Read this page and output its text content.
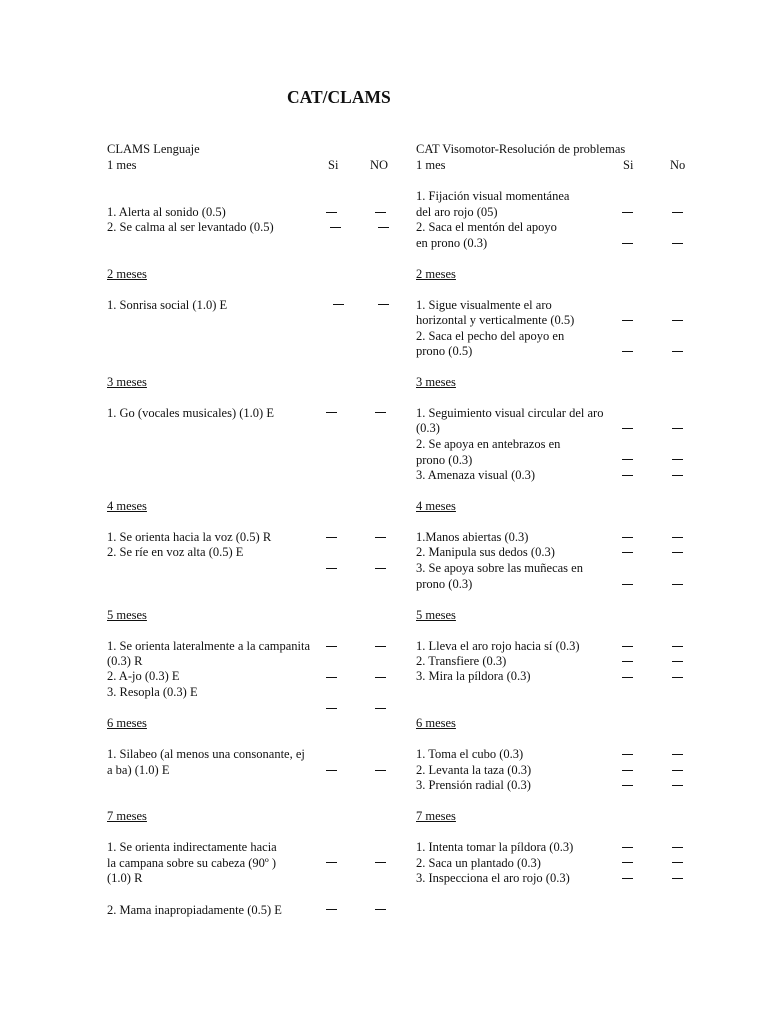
CAT/CLAMS
CLAMS Lenguaje
1 mes	Si	NO
1. Alerta al sonido (0.5)
2. Se calma al ser levantado (0.5)
2 meses
1. Sonrisa social (1.0) E
3 meses
1. Go (vocales musicales) (1.0) E
4 meses
1. Se orienta hacia la voz (0.5) R
2. Se ríe en voz alta (0.5) E
5 meses
1. Se orienta lateralmente a la campanita
(0.3) R
2. A-jo (0.3) E
3. Resopla (0.3) E
6 meses
1. Silabeo (al menos una consonante, ej
a ba) (1.0) E
7 meses
1. Se orienta indirectamente hacia
la campana sobre su cabeza (90º )
(1.0) R
2. Mama inapropiadamente (0.5) E
CAT Visomotor-Resolución de problemas
1 mes	Si	No
1. Fijación visual momentánea
del aro rojo (05)
2. Saca el mentón del apoyo
en prono (0.3)
2 meses
1. Sigue visualmente el aro
horizontal y verticalmente (0.5)
2. Saca el pecho del apoyo en
prono (0.5)
3 meses
1. Seguimiento visual circular del aro
(0.3)
2. Se apoya en antebrazos en
prono (0.3)
3. Amenaza visual (0.3)
4 meses
1.Manos abiertas (0.3)
2. Manipula sus dedos (0.3)
3. Se apoya sobre las muñecas en
prono (0.3)
5 meses
1. Lleva el aro rojo hacia sí (0.3)
2. Transfiere (0.3)
3. Mira la píldora (0.3)
6 meses
1. Toma el cubo (0.3)
2. Levanta la taza (0.3)
3. Prensión radial (0.3)
7 meses
1. Intenta tomar la píldora (0.3)
2. Saca un plantado (0.3)
3. Inspecciona el aro rojo (0.3)
